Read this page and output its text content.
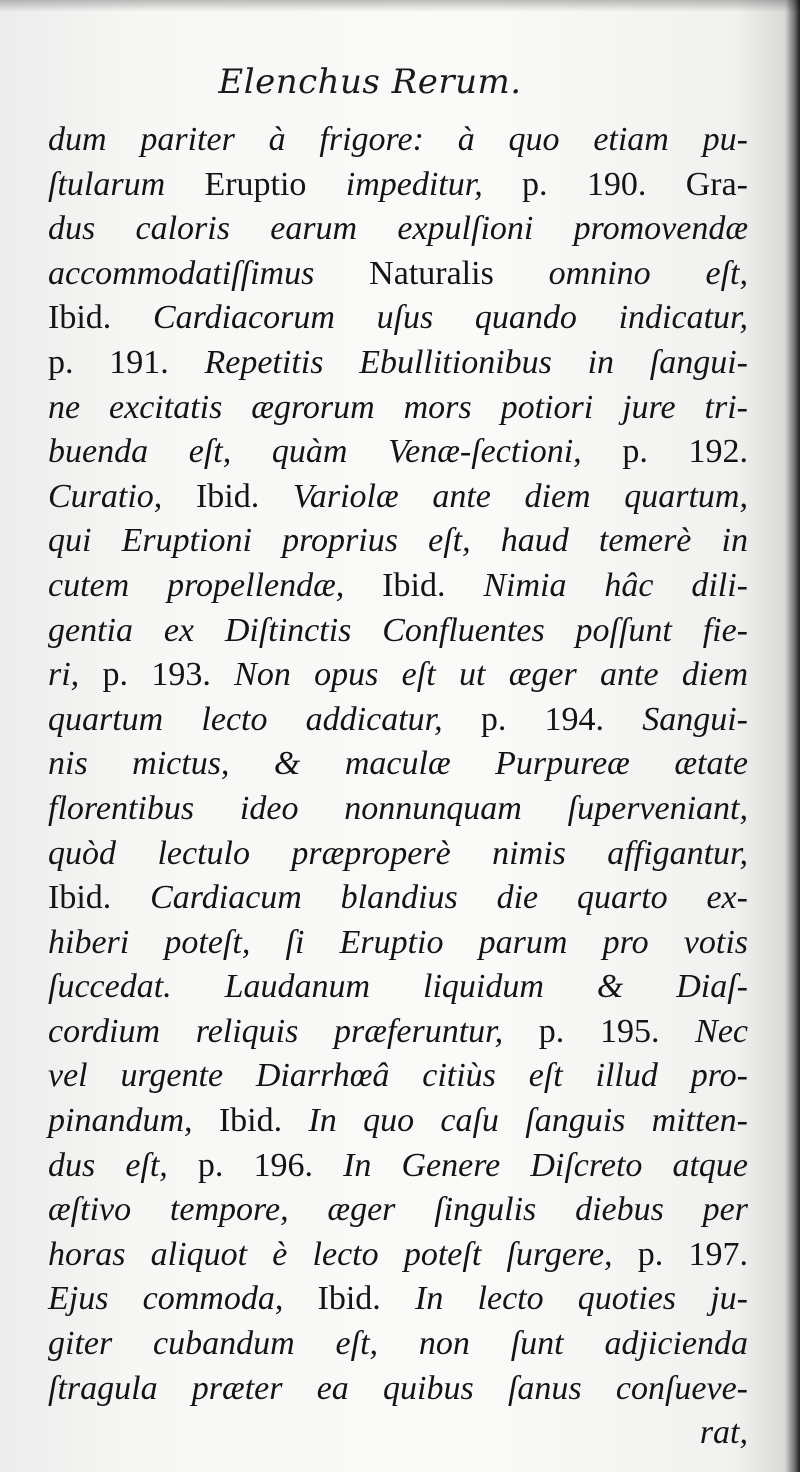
Elenchus Rerum.
dum pariter à frigore: à quo etiam pu-
ſtularum Eruptio impeditur, p. 190. Gra-
dus caloris earum expulſioni promovendæ
accommodatiſſimus Naturalis omnino eſt,
Ibid. Cardiacorum uſus quando indicatur,
p. 191. Repetitis Ebullitionibus in ſangui-
ne excitatis ægrorum mors potiori jure tri-
buenda eſt, quàm Venæ-ſectioni, p. 192.
Curatio, Ibid. Variolæ ante diem quartum,
qui Eruptioni proprius eſt, haud temerè in
cutem propellendæ, Ibid. Nimia hâc dili-
gentia ex Diſtinctis Confluentes poſſunt fie-
ri, p. 193. Non opus eſt ut æger ante diem
quartum lecto addicatur, p. 194. Sangui-
nis mictus, & maculæ Purpureæ ætate
florentibus ideo nonnunquam ſuperveniant,
quòd lectulo præproperè nimis affigantur,
Ibid. Cardiacum blandius die quarto ex-
hiberi poteſt, ſi Eruptio parum pro votis
ſuccedat. Laudanum liquidum & Diaſ-
cordium reliquis præferuntur, p. 195. Nec
vel urgente Diarrhœâ citiùs eſt illud pro-
pinandum, Ibid. In quo caſu ſanguis mitten-
dus eſt, p. 196. In Genere Diſcreto atque
æſtivo tempore, æger ſingulis diebus per
horas aliquot è lecto poteſt ſurgere, p. 197.
Ejus commoda, Ibid. In lecto quoties ju-
giter cubandum eſt, non ſunt adjicienda
ſtragula præter ea quibus ſanus conſueve-
rat,
